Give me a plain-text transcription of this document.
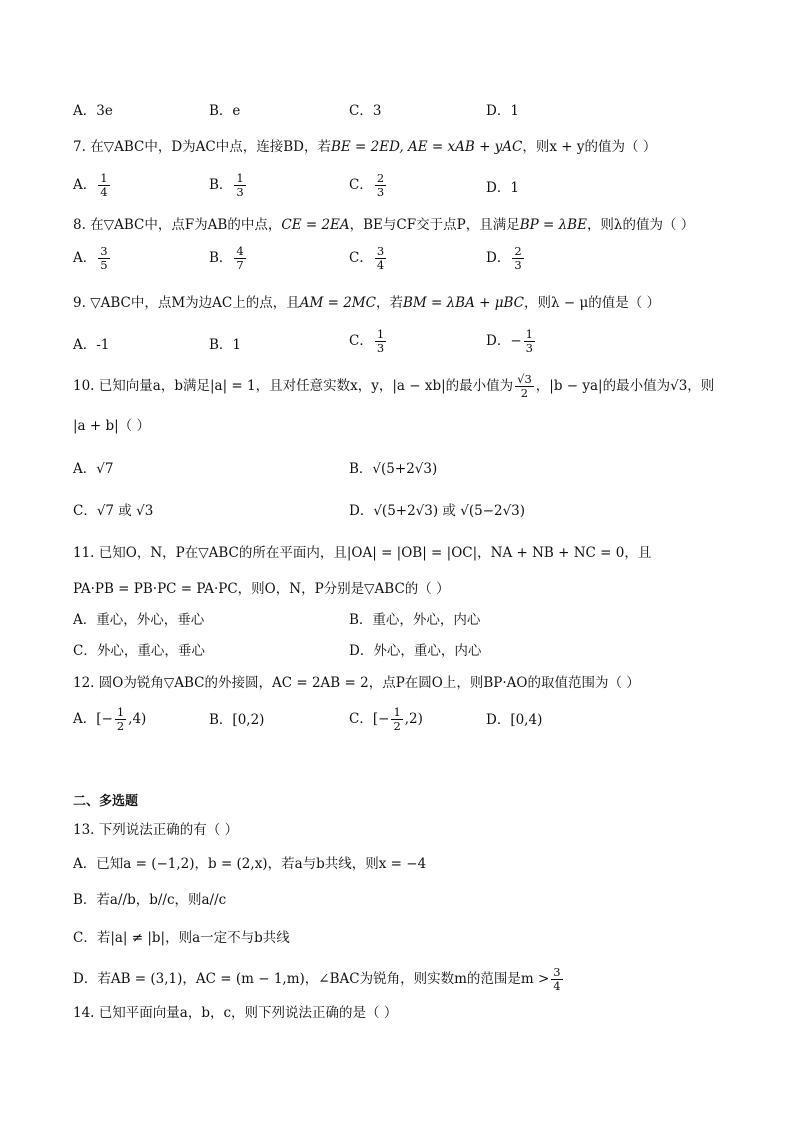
A．3e	B．e	C．3	D．1
7. 在▽ABC中，D为AC中点，连接BD，若BE = 2ED, AE = xAB + yAC，则x + y的值为（ ）
A． $\frac{1}{4}$	B． $\frac{1}{3}$	C． $\frac{2}{3}$	D．1
8. 在▽ABC中，点F为AB的中点，CE = 2EA，BE与CF交于点P，且满足BP = λBE，则λ的值为（ ）
A． $\frac{3}{5}$	B． $\frac{4}{7}$	C． $\frac{3}{4}$	D． $\frac{2}{3}$
9. ▽ABC中，点M为边AC上的点，且AM = 2MC，若BM = λBA + μBC，则λ − μ的值是（ ）
A．-1	B．1	C． $\frac{1}{3}$	D．− $\frac{1}{3}$
10. 已知向量a，b满足|a| = 1，且对任意实数x，y，|a − xb|的最小值为 $\frac{√3}{2}$ ，|b − ya|的最小值为√3，则
|a + b|（ ）
A．√7	B．√(5+2√3)
C．√7 或 √3	D．√(5+2√3) 或 √(5−2√3)
11. 已知O，N，P在▽ABC的所在平面内，且|OA| = |OB| = |OC|，NA + NB + NC = 0，且
PA·PB = PB·PC = PA·PC，则O，N，P分别是▽ABC的（ ）
A．重心，外心，垂心	B．重心，外心，内心
C．外心，重心，垂心	D．外心，重心，内心
12. 圆O为锐角▽ABC的外接圆，AC = 2AB = 2，点P在圆O上，则BP·AO的取值范围为（ ）
A．[− $\frac{1}{2} ,4$)	B．[0,2)	C．[− $\frac{1}{2} ,2$)	D．[0,4)
二、多选题
13. 下列说法正确的有（ ）
A．已知a = (−1,2)，b = (2,x)，若a与b共线，则x = −4
B．若a//b，b//c，则a//c
C．若|a| ≠ |b|，则a一定不与b共线
D．若AB = (3,1)，AC = (m − 1,m)，∠BAC为锐角，则实数m的范围是$m > \frac{3}{4}$
14. 已知平面向量a，b，c，则下列说法正确的是（ ）
